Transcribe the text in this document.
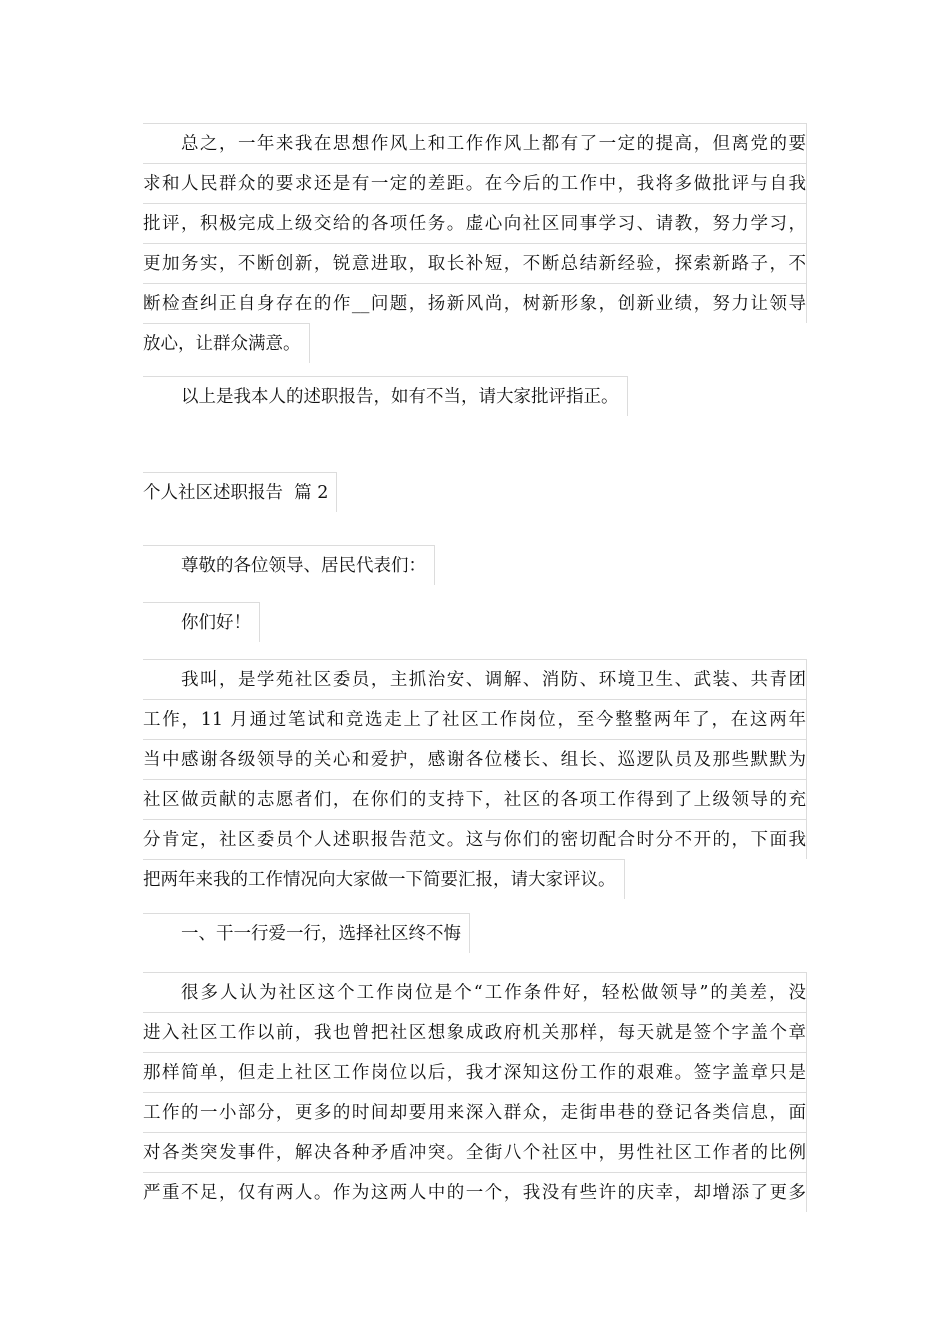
总之，一年来我在思想作风上和工作作风上都有了一定的提高，但离党的要
求和人民群众的要求还是有一定的差距。在今后的工作中，我将多做批评与自我
批评，积极完成上级交给的各项任务。虚心向社区同事学习、请教，努力学习，
更加务实，不断创新，锐意进取，取长补短，不断总结新经验，探索新路子，不
断检查纠正自身存在的作__问题，扬新风尚，树新形象，创新业绩，努力让领导
放心，让群众满意。
以上是我本人的述职报告，如有不当，请大家批评指正。
个人社区述职报告  篇 2
尊敬的各位领导、居民代表们：
你们好！
我叫，是学苑社区委员，主抓治安、调解、消防、环境卫生、武装、共青团
工作，11 月通过笔试和竞选走上了社区工作岗位，至今整整两年了，在这两年
当中感谢各级领导的关心和爱护，感谢各位楼长、组长、巡逻队员及那些默默为
社区做贡献的志愿者们，在你们的支持下，社区的各项工作得到了上级领导的充
分肯定，社区委员个人述职报告范文。这与你们的密切配合时分不开的，下面我
把两年来我的工作情况向大家做一下简要汇报，请大家评议。
一、干一行爱一行，选择社区终不悔
很多人认为社区这个工作岗位是个“工作条件好，轻松做领导”的美差，没
进入社区工作以前，我也曾把社区想象成政府机关那样，每天就是签个字盖个章
那样简单，但走上社区工作岗位以后，我才深知这份工作的艰难。签字盖章只是
工作的一小部分，更多的时间却要用来深入群众，走街串巷的登记各类信息，面
对各类突发事件，解决各种矛盾冲突。全街八个社区中，男性社区工作者的比例
严重不足，仅有两人。作为这两人中的一个，我没有些许的庆幸，却增添了更多
